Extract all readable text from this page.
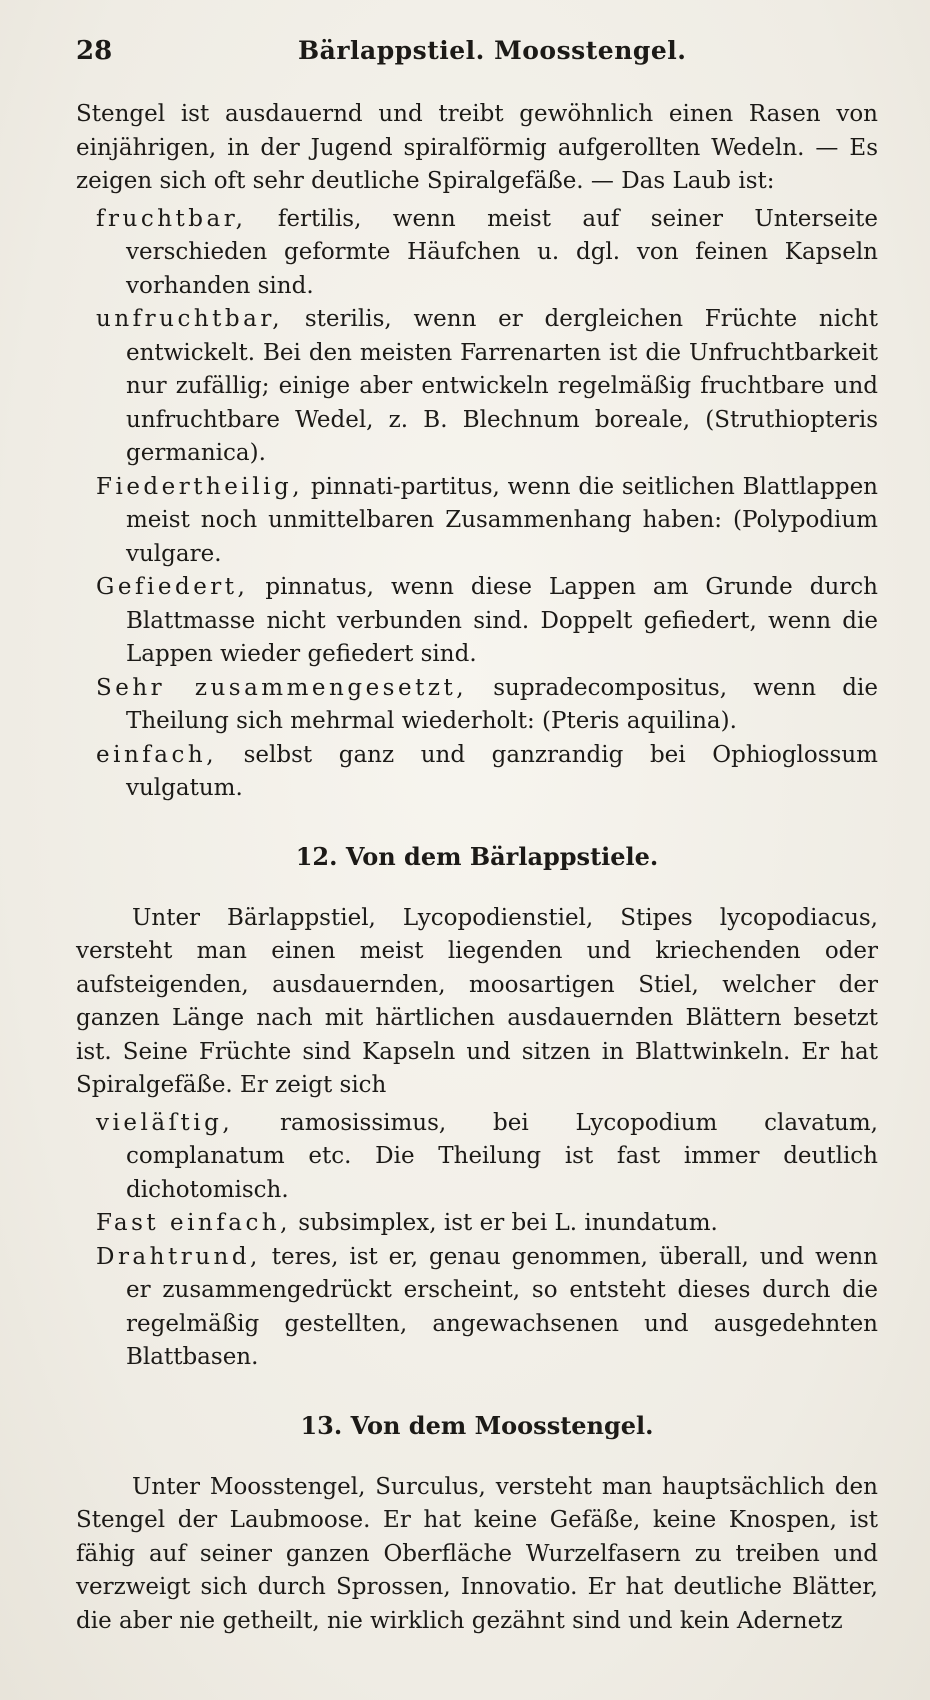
28	Bärlappstiel. Moosstengel.

Stengel ist ausdauernd und treibt gewöhnlich einen Rasen von einjährigen, in der Jugend spiralförmig aufgerollten Wedeln. — Es zeigen sich oft sehr deutliche Spiralgefäße. — Das Laub ist:

fruchtbar, fertilis, wenn meist auf seiner Unterseite verschieden geformte Häufchen u. dgl. von feinen Kapseln vorhanden sind.

unfruchtbar, sterilis, wenn er dergleichen Früchte nicht entwickelt. Bei den meisten Farrenarten ist die Unfruchtbarkeit nur zufällig; einige aber entwickeln regelmäßig fruchtbare und unfruchtbare Wedel, z. B. Blechnum boreale, (Struthiopteris germanica).

Fiedertheilig, pinnati-partitus, wenn die seitlichen Blattlappen meist noch unmittelbaren Zusammenhang haben: (Polypodium vulgare.

Gefiedert, pinnatus, wenn diese Lappen am Grunde durch Blattmasse nicht verbunden sind. Doppelt gefiedert, wenn die Lappen wieder gefiedert sind.

Sehr zusammengesetzt, supradecompositus, wenn die Theilung sich mehrmal wiederholt: (Pteris aquilina).

einfach, selbst ganz und ganzrandig bei Ophioglossum vulgatum.

12. Von dem Bärlappstiele.

Unter Bärlappstiel, Lycopodienstiel, Stipes lycopodiacus, versteht man einen meist liegenden und kriechenden oder aufsteigenden, ausdauernden, moosartigen Stiel, welcher der ganzen Länge nach mit härtlichen ausdauernden Blättern besetzt ist. Seine Früchte sind Kapseln und sitzen in Blattwinkeln. Er hat Spiralgefäße. Er zeigt sich

vieläſtig, ramosissimus, bei Lycopodium clavatum, complanatum etc. Die Theilung ist fast immer deutlich dichotomisch.

Fast einfach, subsimplex, ist er bei L. inundatum.

Drahtrund, teres, ist er, genau genommen, überall, und wenn er zusammengedrückt erscheint, so entsteht dieses durch die regelmäßig gestellten, angewachsenen und ausgedehnten Blattbasen.

13. Von dem Moosstengel.

Unter Moosstengel, Surculus, versteht man hauptsächlich den Stengel der Laubmoose. Er hat keine Gefäße, keine Knospen, ist fähig auf seiner ganzen Oberfläche Wurzelfasern zu treiben und verzweigt sich durch Sprossen, Innovatio. Er hat deutliche Blätter, die aber nie getheilt, nie wirklich gezähnt sind und kein Adernetz
